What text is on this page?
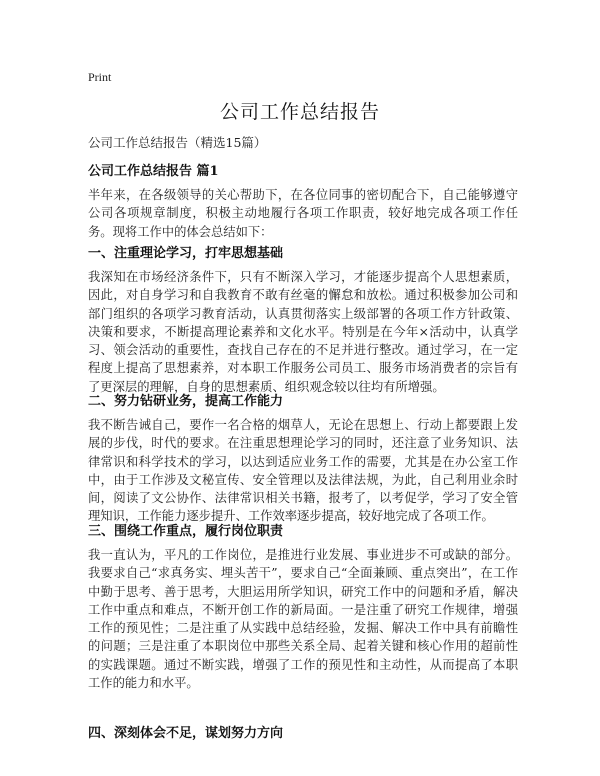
Print
公司工作总结报告
公司工作总结报告（精选15篇）
公司工作总结报告 篇1

半年来，在各级领导的关心帮助下，在各位同事的密切配合下，自己能够遵守公司各项规章制度，积极主动地履行各项工作职责，较好地完成各项工作任务。现将工作中的体会总结如下：

一、注重理论学习，打牢思想基础

我深知在市场经济条件下，只有不断深入学习，才能逐步提高个人思想素质，因此，对自身学习和自我教育不敢有丝毫的懈怠和放松。通过积极参加公司和部门组织的各项学习教育活动，认真贯彻落实上级部署的各项工作方针政策、决策和要求，不断提高理论素养和文化水平。特别是在今年×活动中，认真学习、领会活动的重要性，查找自己存在的不足并进行整改。通过学习，在一定程度上提高了思想素养，对本职工作服务公司员工、服务市场消费者的宗旨有了更深层的理解，自身的思想素质、组织观念较以往均有所增强。

二、努力钻研业务，提高工作能力

我不断告诫自己，要作一名合格的烟草人，无论在思想上、行动上都要跟上发展的步伐，时代的要求。在注重思想理论学习的同时，还注意了业务知识、法律常识和科学技术的学习，以达到适应业务工作的需要，尤其是在办公室工作中，由于工作涉及文秘宣传、安全管理以及法律法规，为此，自己利用业余时间，阅读了文公协作、法律常识相关书籍，报考了，以考促学，学习了安全管理知识，工作能力逐步提升、工作效率逐步提高，较好地完成了各项工作。

三、围绕工作重点，履行岗位职责

我一直认为，平凡的工作岗位，是推进行业发展、事业进步不可或缺的部分。我要求自己“求真务实、埋头苦干”，要求自己“全面兼顾、重点突出”，在工作中勤于思考、善于思考，大胆运用所学知识，研究工作中的问题和矛盾，解决工作中重点和难点，不断开创工作的新局面。一是注重了研究工作规律，增强工作的预见性；二是注重了从实践中总结经验，发掘、解决工作中具有前瞻性的问题；三是注重了本职岗位中那些关系全局、起着关键和核心作用的超前性的实践课题。通过不断实践，增强了工作的预见性和主动性，从而提高了本职工作的能力和水平。

四、深刻体会不足，谋划努力方向
